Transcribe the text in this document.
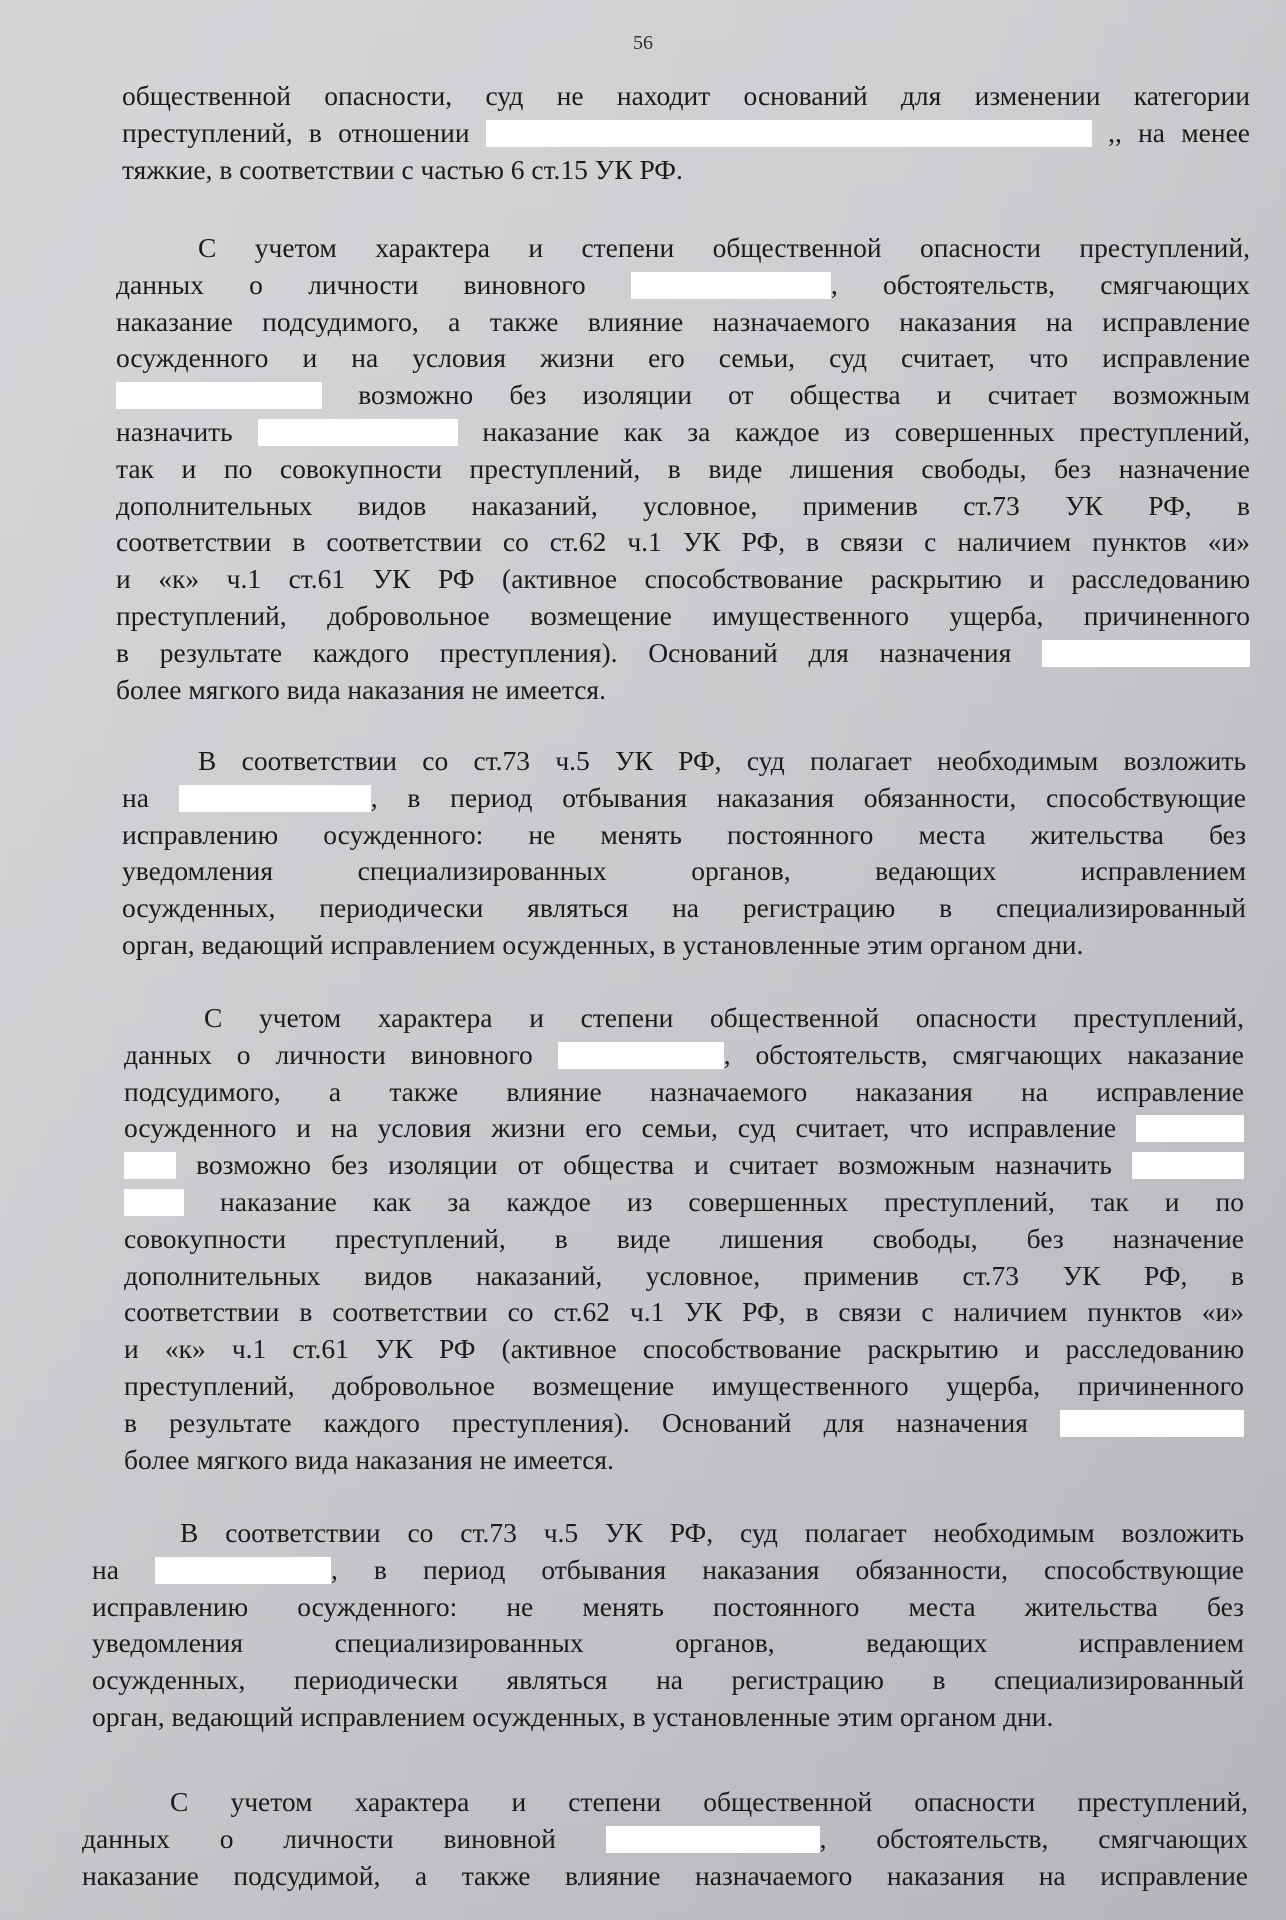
56
общественной опасности, суд не находит оснований для изменении категории
преступлений, в отношении	,, на менее
тяжкие, в соответствии с частью 6 ст.15 УК РФ.
С учетом характера и степени общественной опасности преступлений,
данных о личности виновного	, обстоятельств, смягчающих
наказание подсудимого, а также влияние назначаемого наказания на исправление
осужденного и на условия жизни его семьи, суд считает, что исправление
возможно без изоляции от общества и считает возможным
назначить	наказание как за каждое из совершенных преступлений,
так и по совокупности преступлений, в виде лишения свободы, без назначение
дополнительных видов наказаний, условное, применив ст.73 УК РФ, в
соответствии в соответствии со ст.62 ч.1 УК РФ, в связи с наличием пунктов «и»
и «к» ч.1 ст.61 УК РФ (активное способствование раскрытию и расследованию
преступлений, добровольное возмещение имущественного ущерба, причиненного
в результате каждого преступления). Оснований для назначения
более мягкого вида наказания не имеется.
В соответствии со ст.73 ч.5 УК РФ, суд полагает необходимым возложить
на	, в период отбывания наказания обязанности, способствующие
исправлению осужденного: не менять постоянного места жительства без
уведомления специализированных органов, ведающих исправлением
осужденных, периодически являться на регистрацию в специализированный
орган, ведающий исправлением осужденных, в установленные этим органом дни.
С учетом характера и степени общественной опасности преступлений,
данных о личности виновного	, обстоятельств, смягчающих наказание
подсудимого, а также влияние назначаемого наказания на исправление
осужденного и на условия жизни его семьи, суд считает, что исправление
возможно без изоляции от общества и считает возможным назначить
наказание как за каждое из совершенных преступлений, так и по
совокупности преступлений, в виде лишения свободы, без назначение
дополнительных видов наказаний, условное, применив ст.73 УК РФ, в
соответствии в соответствии со ст.62 ч.1 УК РФ, в связи с наличием пунктов «и»
и «к» ч.1 ст.61 УК РФ (активное способствование раскрытию и расследованию
преступлений, добровольное возмещение имущественного ущерба, причиненного
в результате каждого преступления). Оснований для назначения
более мягкого вида наказания не имеется.
В соответствии со ст.73 ч.5 УК РФ, суд полагает необходимым возложить
на	, в период отбывания наказания обязанности, способствующие
исправлению осужденного: не менять постоянного места жительства без
уведомления специализированных органов, ведающих исправлением
осужденных, периодически являться на регистрацию в специализированный
орган, ведающий исправлением осужденных, в установленные этим органом дни.
С учетом характера и степени общественной опасности преступлений,
данных о личности виновной	, обстоятельств, смягчающих
наказание подсудимой, а также влияние назначаемого наказания на исправление
